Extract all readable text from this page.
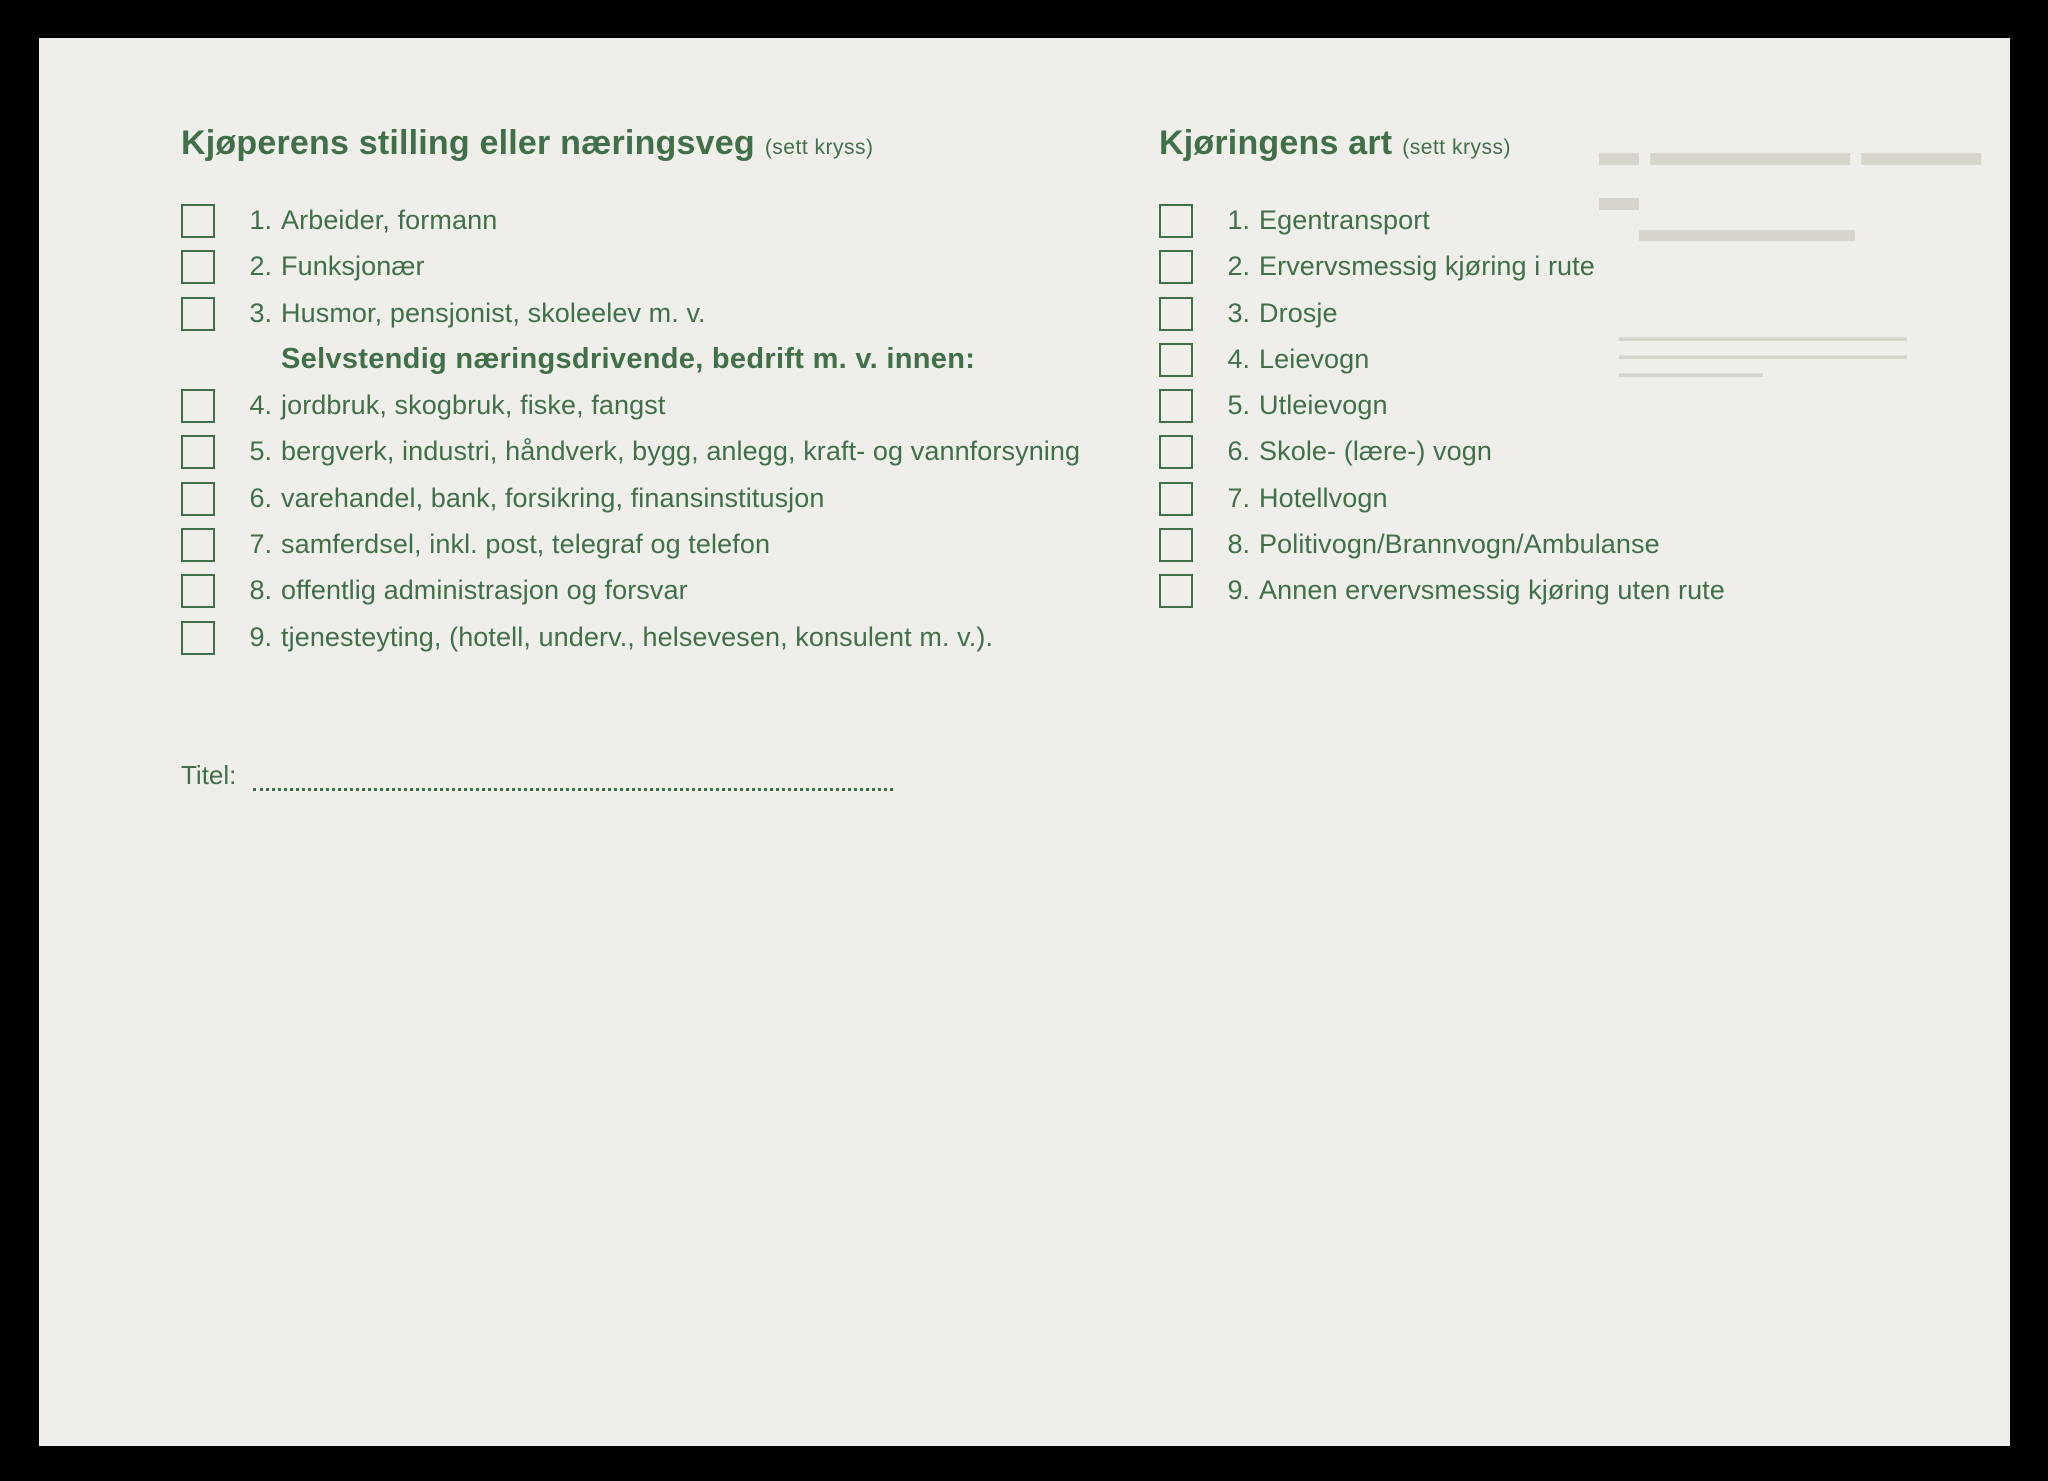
▬ ▬▬▬▬▬ ▬▬▬ ▬
▬▬▬▬▬▬
▬▬▬▬▬▬▬▬▬▬▬▬▬▬▬▬▬▬▬▬▬▬▬▬
▬▬▬▬▬▬▬▬▬▬▬▬▬▬▬▬▬▬▬▬▬▬▬▬
▬▬▬▬▬▬▬▬▬▬▬▬
Kjøperens stilling eller næringsveg (sett kryss)
1. Arbeider, formann
2. Funksjonær
3. Husmor, pensjonist, skoleelev m. v.
Selvstendig næringsdrivende, bedrift m. v. innen:
4. jordbruk, skogbruk, fiske, fangst
5. bergverk, industri, håndverk, bygg, anlegg, kraft- og vannforsyning
6. varehandel, bank, forsikring, finansinstitusjon
7. samferdsel, inkl. post, telegraf og telefon
8. offentlig administrasjon og forsvar
9. tjenesteyting, (hotell, underv., helsevesen, konsulent m. v.).
Kjøringens art (sett kryss)
1. Egentransport
2. Ervervsmessig kjøring i rute
3. Drosje
4. Leievogn
5. Utleievogn
6. Skole- (lære-) vogn
7. Hotellvogn
8. Politivogn/Brannvogn/Ambulanse
9. Annen ervervsmessig kjøring uten rute
Titel:
